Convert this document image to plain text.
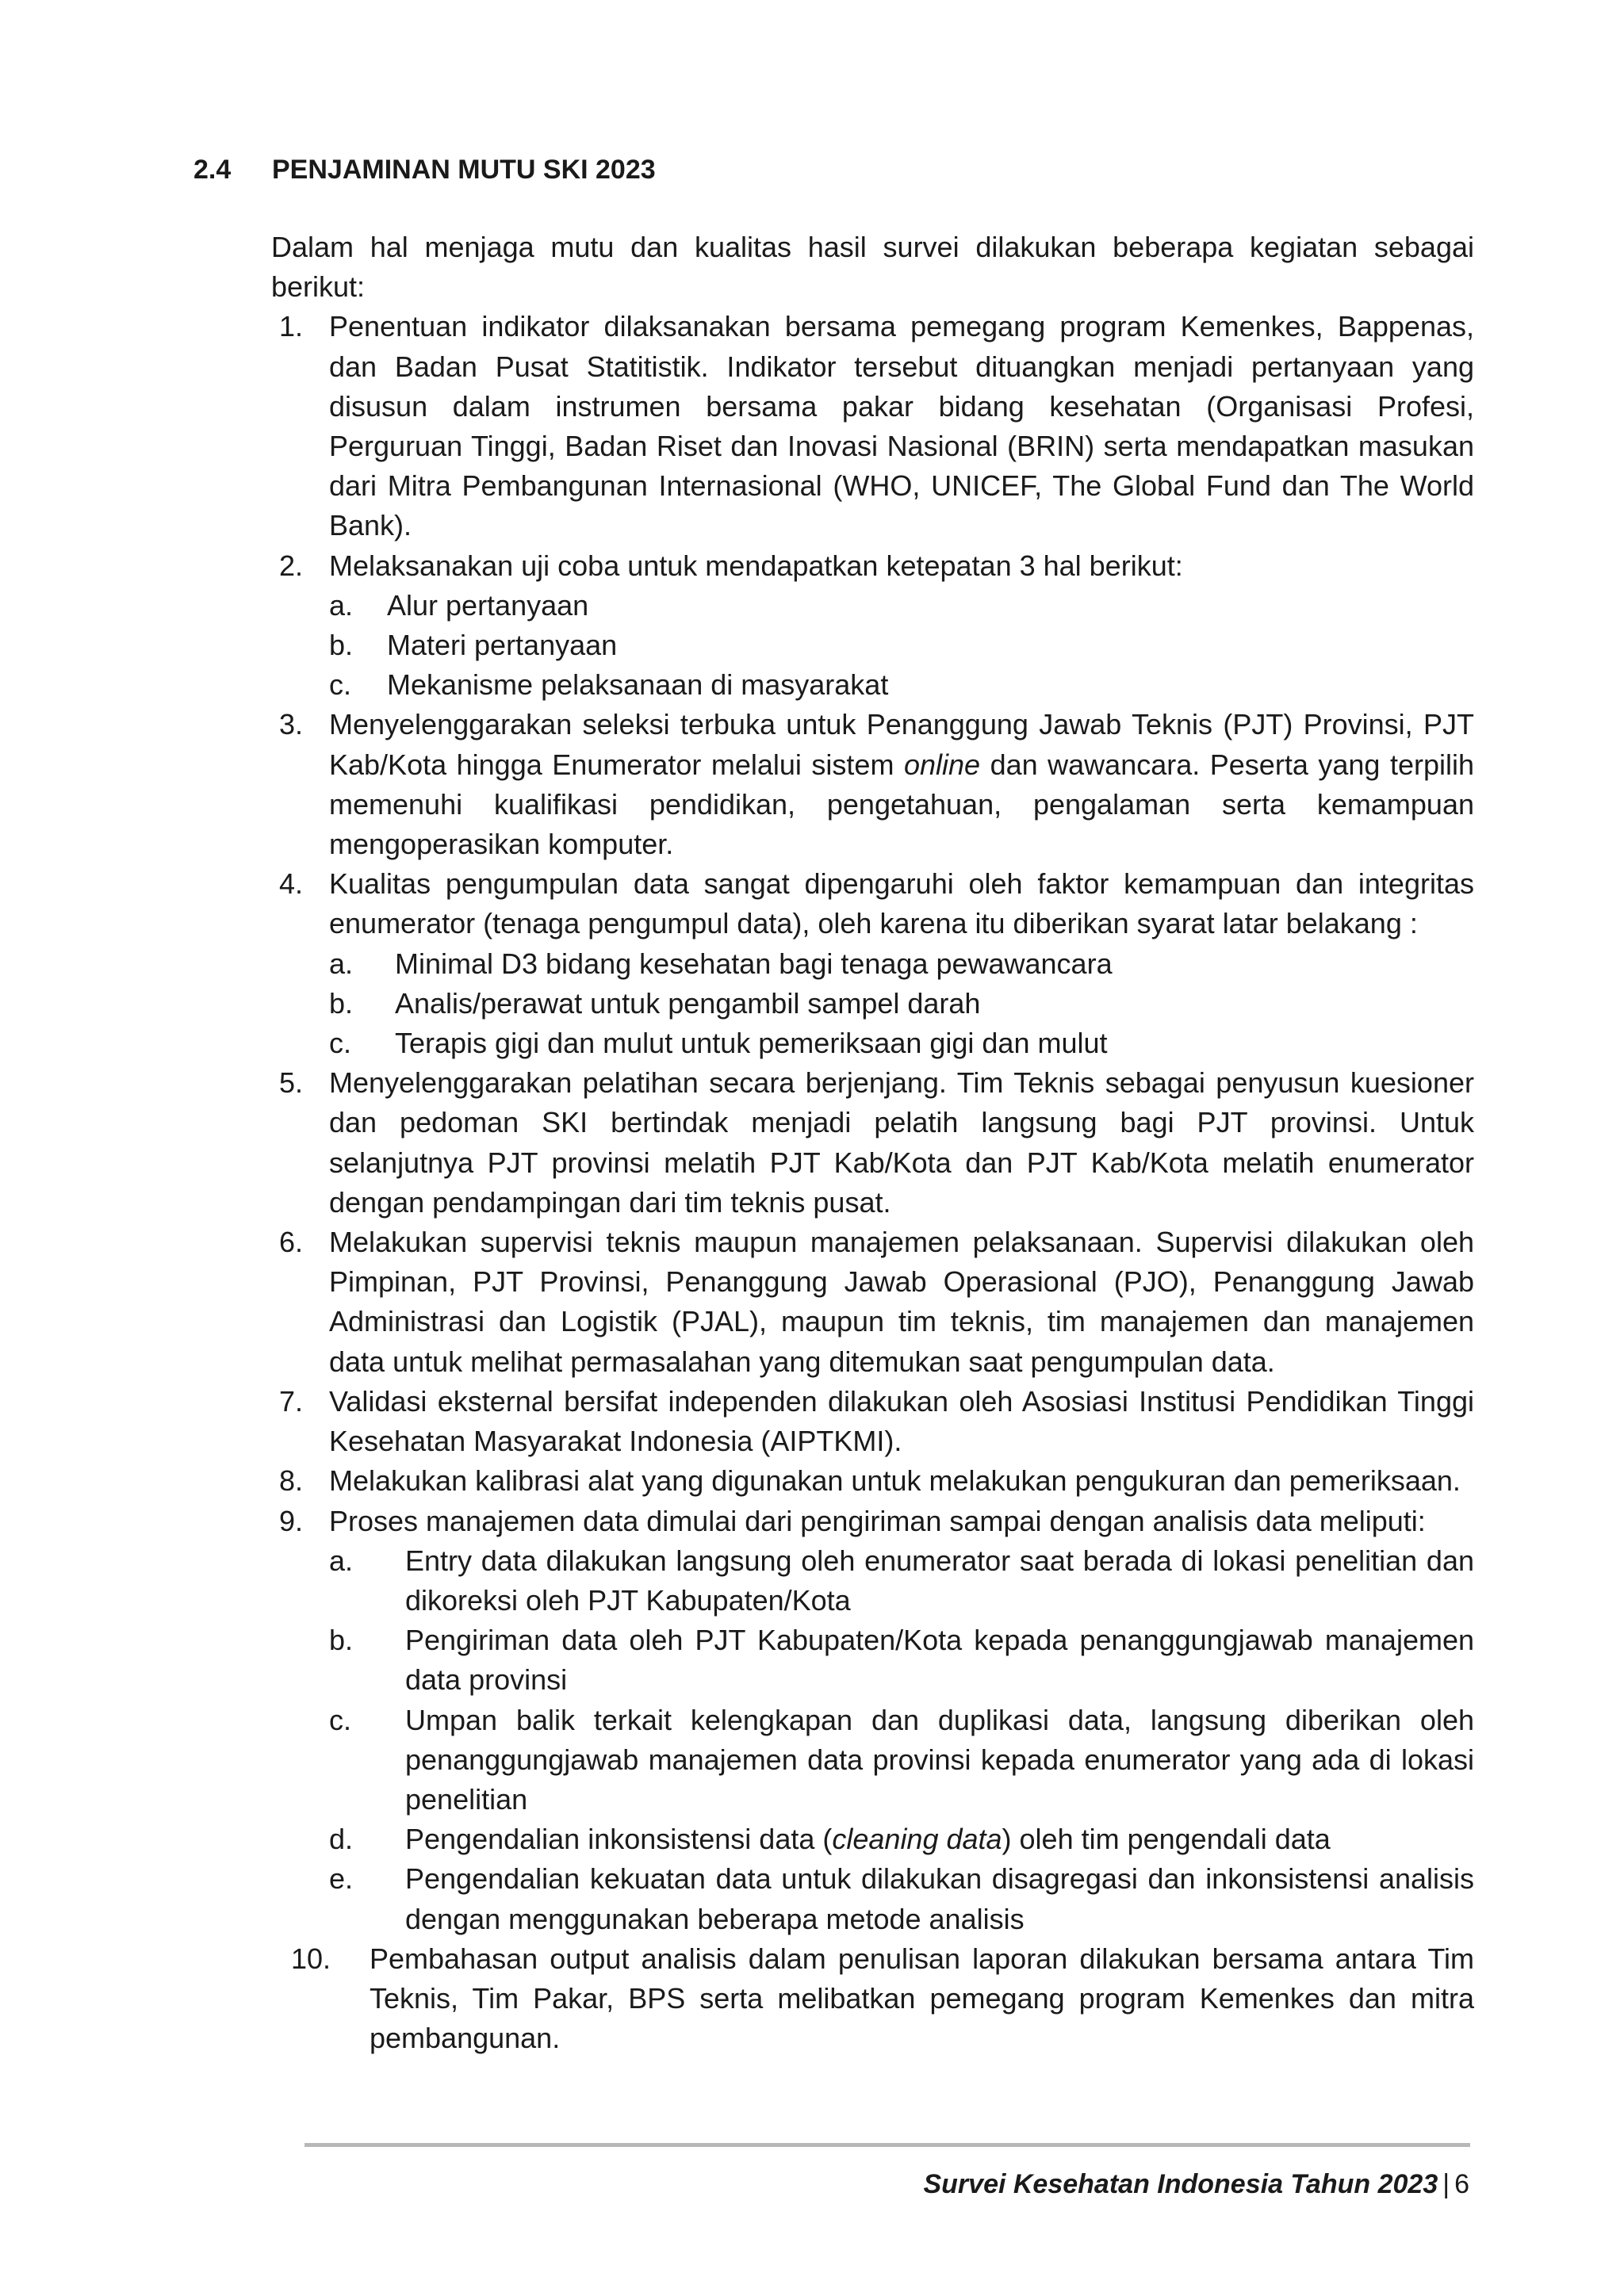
2.4 PENJAMINAN MUTU SKI 2023

Dalam hal menjaga mutu dan kualitas hasil survei dilakukan beberapa kegiatan sebagai berikut:

1. Penentuan indikator dilaksanakan bersama pemegang program Kemenkes, Bappenas, dan Badan Pusat Statitistik. Indikator tersebut dituangkan menjadi pertanyaan yang disusun dalam instrumen bersama pakar bidang kesehatan (Organisasi Profesi, Perguruan Tinggi, Badan Riset dan Inovasi Nasional (BRIN) serta mendapatkan masukan dari Mitra Pembangunan Internasional (WHO, UNICEF, The Global Fund dan The World Bank).
2. Melaksanakan uji coba untuk mendapatkan ketepatan 3 hal berikut:
a. Alur pertanyaan
b. Materi pertanyaan
c. Mekanisme pelaksanaan di masyarakat
3. Menyelenggarakan seleksi terbuka untuk Penanggung Jawab Teknis (PJT) Provinsi, PJT Kab/Kota hingga Enumerator melalui sistem online dan wawancara. Peserta yang terpilih memenuhi kualifikasi pendidikan, pengetahuan, pengalaman serta kemampuan mengoperasikan komputer.
4. Kualitas pengumpulan data sangat dipengaruhi oleh faktor kemampuan dan integritas enumerator (tenaga pengumpul data), oleh karena itu diberikan syarat latar belakang :
a. Minimal D3 bidang kesehatan bagi tenaga pewawancara
b. Analis/perawat untuk pengambil sampel darah
c. Terapis gigi dan mulut untuk pemeriksaan gigi dan mulut
5. Menyelenggarakan pelatihan secara berjenjang. Tim Teknis sebagai penyusun kuesioner dan pedoman SKI bertindak menjadi pelatih langsung bagi PJT provinsi. Untuk selanjutnya PJT provinsi melatih PJT Kab/Kota dan PJT Kab/Kota melatih enumerator dengan pendampingan dari tim teknis pusat.
6. Melakukan supervisi teknis maupun manajemen pelaksanaan. Supervisi dilakukan oleh Pimpinan, PJT Provinsi, Penanggung Jawab Operasional (PJO), Penanggung Jawab Administrasi dan Logistik (PJAL), maupun tim teknis, tim manajemen dan manajemen data untuk melihat permasalahan yang ditemukan saat pengumpulan data.
7. Validasi eksternal bersifat independen dilakukan oleh Asosiasi Institusi Pendidikan Tinggi Kesehatan Masyarakat Indonesia (AIPTKMI).
8. Melakukan kalibrasi alat yang digunakan untuk melakukan pengukuran dan pemeriksaan.
9. Proses manajemen data dimulai dari pengiriman sampai dengan analisis data meliputi:
a. Entry data dilakukan langsung oleh enumerator saat berada di lokasi penelitian dan dikoreksi oleh PJT Kabupaten/Kota
b. Pengiriman data oleh PJT Kabupaten/Kota kepada penanggungjawab manajemen data provinsi
c. Umpan balik terkait kelengkapan dan duplikasi data, langsung diberikan oleh penanggungjawab manajemen data provinsi kepada enumerator yang ada di lokasi penelitian
d. Pengendalian inkonsistensi data (cleaning data) oleh tim pengendali data
e. Pengendalian kekuatan data untuk dilakukan disagregasi dan inkonsistensi analisis dengan menggunakan beberapa metode analisis
10. Pembahasan output analisis dalam penulisan laporan dilakukan bersama antara Tim Teknis, Tim Pakar, BPS serta melibatkan pemegang program Kemenkes dan mitra pembangunan.
Survei Kesehatan Indonesia Tahun 2023 | 6
